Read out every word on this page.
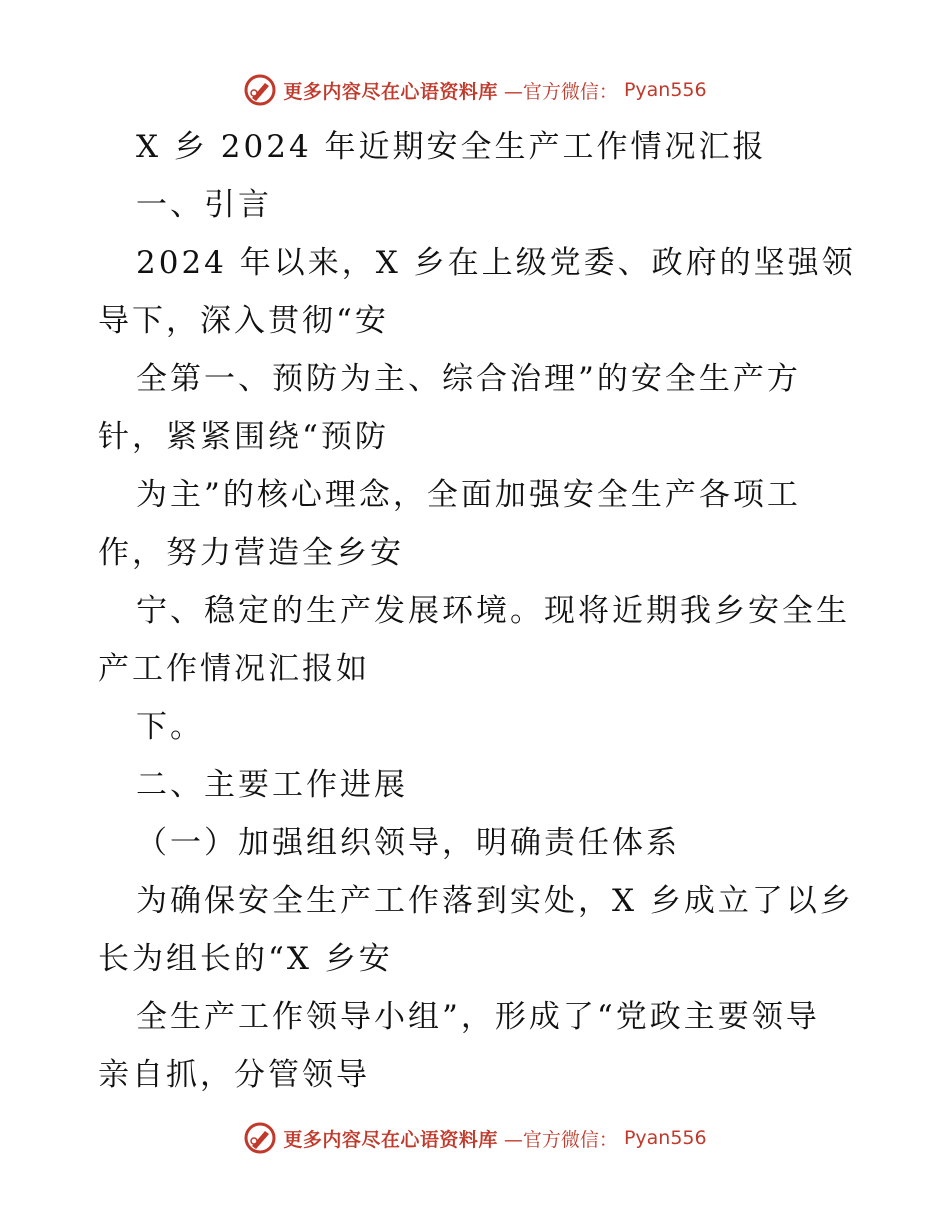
更多内容尽在心语资料库 —官方微信： Pyan556
X 乡 2024 年近期安全生产工作情况汇报
一、引言
2024 年以来，X 乡在上级党委、政府的坚强领
导下，深入贯彻“安
全第一、预防为主、综合治理”的安全生产方
针，紧紧围绕“预防
为主”的核心理念，全面加强安全生产各项工
作，努力营造全乡安
宁、稳定的生产发展环境。现将近期我乡安全生
产工作情况汇报如
下。
二、主要工作进展
（一）加强组织领导，明确责任体系
为确保安全生产工作落到实处，X 乡成立了以乡
长为组长的“X 乡安
全生产工作领导小组”，形成了“党政主要领导
亲自抓，分管领导
更多内容尽在心语资料库 —官方微信： Pyan556
